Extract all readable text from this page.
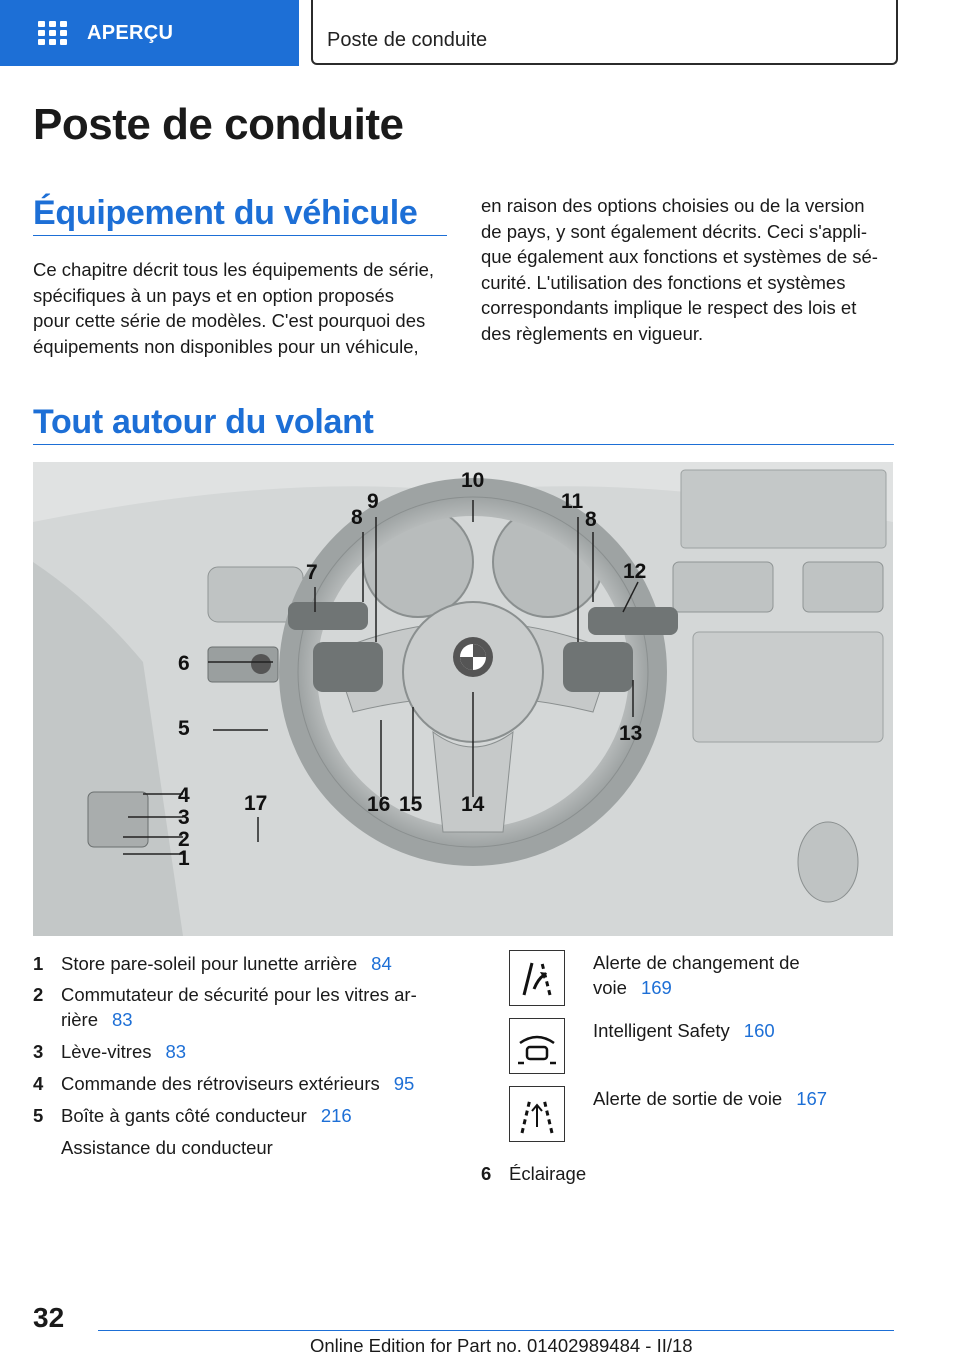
APERÇU	Poste de conduite
Poste de conduite
Équipement du véhicule
Ce chapitre décrit tous les équipements de série,
spécifiques à un pays et en option proposés
pour cette série de modèles. C'est pourquoi des
équipements non disponibles pour un véhicule,
en raison des options choisies ou de la version
de pays, y sont également décrits. Ceci s'appli-
que également aux fonctions et systèmes de sé-
curité. L'utilisation des fonctions et systèmes
correspondants implique le respect des lois et
des règlements en vigueur.
Tout autour du volant
1
2
3
4
5
6
7
8
9
10
11
8
12
13
14
15
16
17
1 Store pare-soleil pour lunette arrière 84
2 Commutateur de sécurité pour les vitres ar-
rière 83
3 Lève-vitres 83
4 Commande des rétroviseurs extérieurs 95
5 Boîte à gants côté conducteur 216
Assistance du conducteur
Alerte de changement de
voie 169
Intelligent Safety 160
Alerte de sortie de voie 167
6 Éclairage
32
Online Edition for Part no. 01402989484 - II/18
